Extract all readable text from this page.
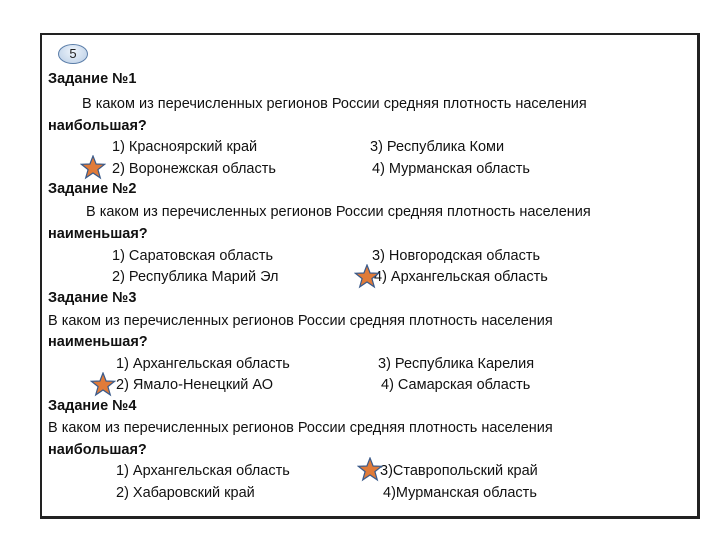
5
Задание №1
В каком из перечисленных регионов России средняя плотность населения
наибольшая?
1) Красноярский край	3) Республика Коми
2) Воронежская область	4) Мурманская область
Задание №2
В каком из перечисленных регионов России средняя плотность населения
наименьшая?
1) Саратовская область	3) Новгородская область
2) Республика Марий Эл	4) Архангельская область
Задание №3
В каком из перечисленных регионов России средняя плотность населения
наименьшая?
1) Архангельская область	3) Республика Карелия
2) Ямало-Ненецкий АО	4) Самарская область
Задание №4
В каком из перечисленных регионов России средняя плотность населения
наибольшая?
1) Архангельская область	3)Ставропольский край
2) Хабаровский край	4)Мурманская область
